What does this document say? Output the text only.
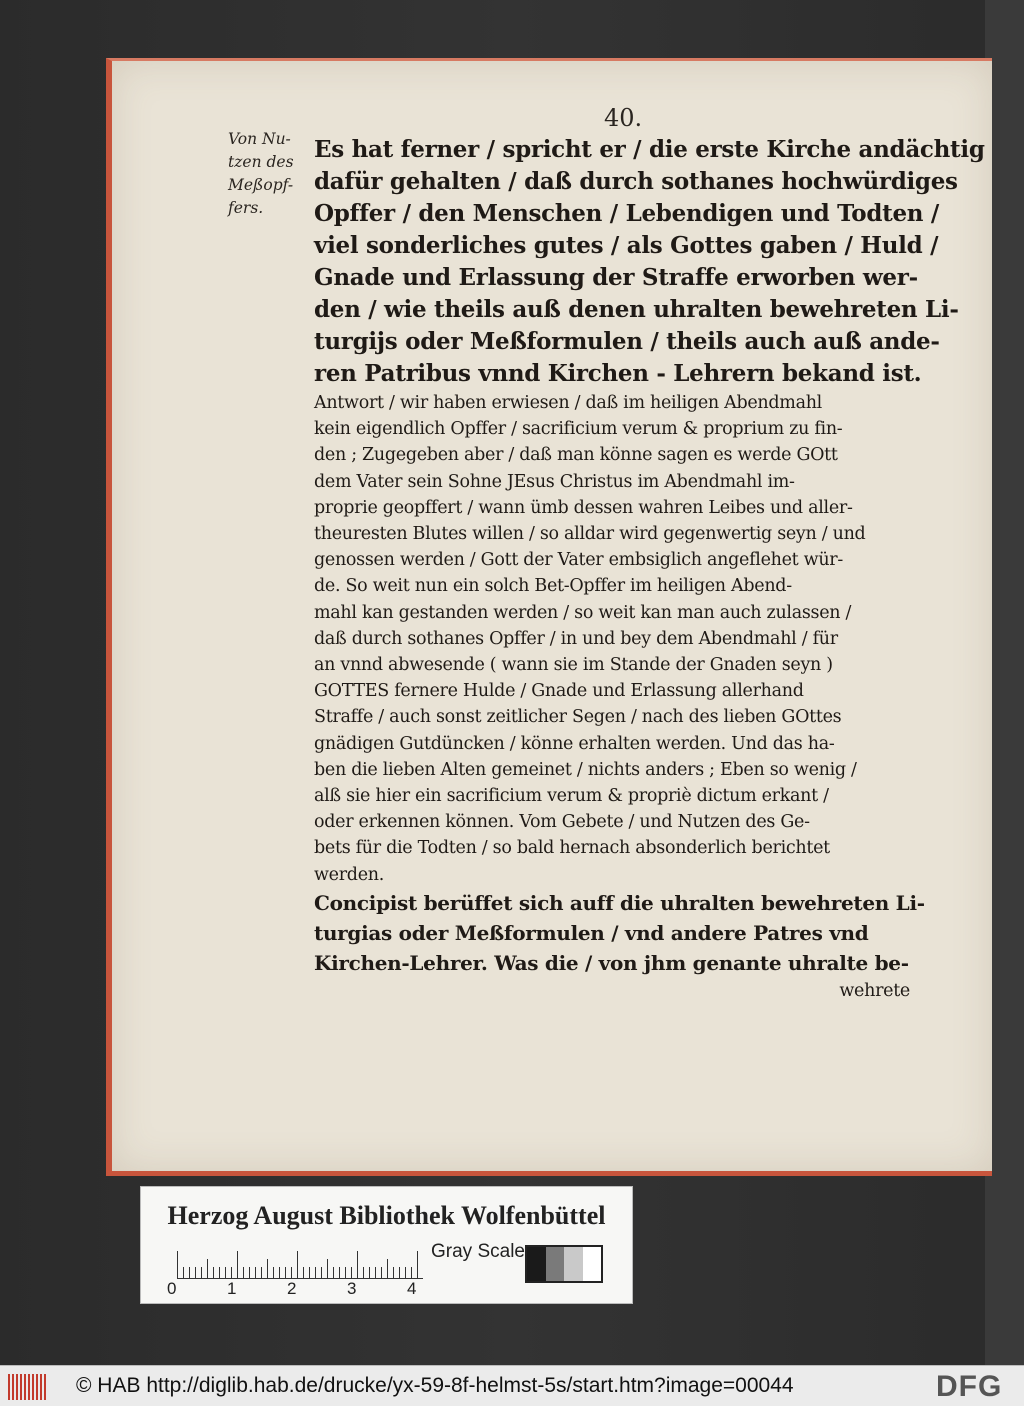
40.
Von Nu-
tzen des
Meßopf-
fers.
Es hat ferner / spricht er / die erste Kirche andächtig
dafür gehalten / daß durch sothanes hochwürdiges
Opffer / den Menschen / Lebendigen und Todten /
viel sonderliches gutes / als Gottes gaben / Huld /
Gnade und Erlassung der Straffe erworben wer-
den / wie theils auß denen uhralten bewehreten Li-
turgijs oder Meßformulen / theils auch auß ande-
ren Patribus vnnd Kirchen - Lehrern bekand ist.
Antwort / wir haben erwiesen / daß im heiligen Abendmahl
kein eigendlich Opffer / sacrificium verum & proprium zu fin-
den ; Zugegeben aber / daß man könne sagen es werde GOtt
dem Vater sein Sohne JEsus Christus im Abendmahl im-
proprie geopffert / wann ümb dessen wahren Leibes und aller-
theuresten Blutes willen / so alldar wird gegenwertig seyn / und
genossen werden / Gott der Vater embsiglich angeflehet wür-
de. So weit nun ein solch Bet-Opffer im heiligen Abend-
mahl kan gestanden werden / so weit kan man auch zulassen /
daß durch sothanes Opffer / in und bey dem Abendmahl / für
an vnnd abwesende ( wann sie im Stande der Gnaden seyn )
GOTTES fernere Hulde / Gnade und Erlassung allerhand
Straffe / auch sonst zeitlicher Segen / nach des lieben GOttes
gnädigen Gutdüncken / könne erhalten werden. Und das ha-
ben die lieben Alten gemeinet / nichts anders ; Eben so wenig /
alß sie hier ein sacrificium verum & propriè dictum erkant /
oder erkennen können. Vom Gebete / und Nutzen des Ge-
bets für die Todten / so bald hernach absonderlich berichtet
werden.
Concipist berüffet sich auff die uhralten bewehreten Li-
turgias oder Meßformulen / vnd andere Patres vnd
Kirchen-Lehrer. Was die / von jhm genante uhralte be-
wehrete
Herzog August Bibliothek Wolfenbüttel
0	1	2	3	4
Gray Scale
© HAB http://diglib.hab.de/drucke/yx-59-8f-helmst-5s/start.htm?image=00044	DFG
